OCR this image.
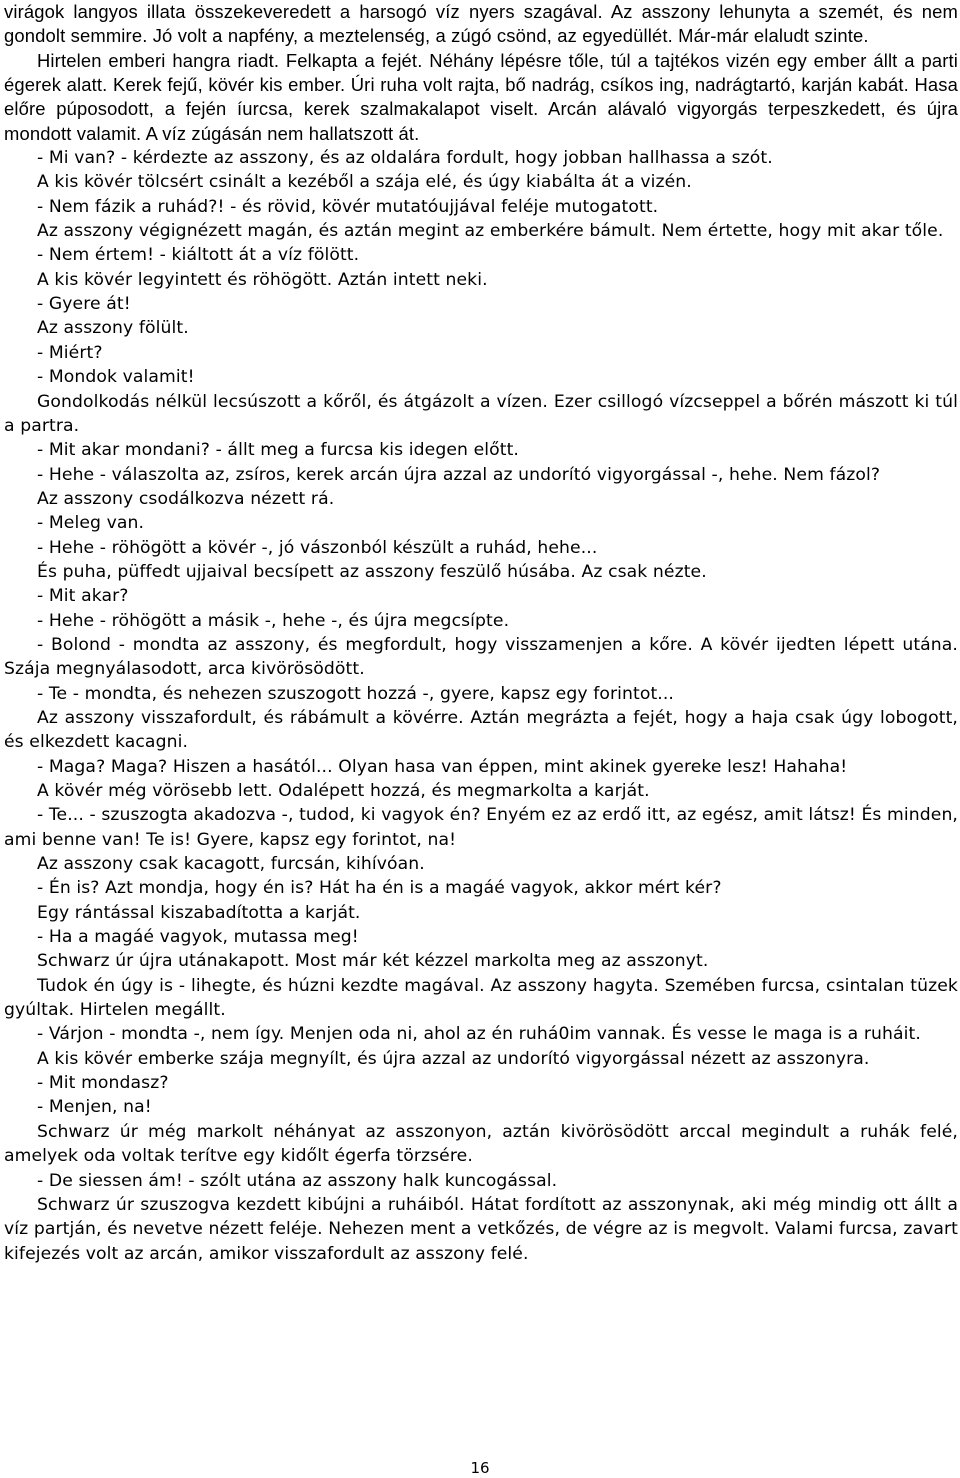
virágok langyos illata összekeveredett a harsogó víz nyers szagával. Az asszony lehunyta a szemét, és nem gondolt semmire. Jó volt a napfény, a meztelenség, a zúgó csönd, az egyedüllét. Már-már elaludt szinte.

Hirtelen emberi hangra riadt. Felkapta a fejét. Néhány lépésre tőle, túl a tajtékos vizén egy ember állt a parti égerek alatt. Kerek fejű, kövér kis ember. Úri ruha volt rajta, bő nadrág, csíkos ing, nadrágtartó, karján kabát. Hasa előre púposodott, a fején íurcsa, kerek szalmakalapot viselt. Arcán alávaló vigyorgás terpeszkedett, és újra mondott valamit. A víz zúgásán nem hallatszott át.

- Mi van? - kérdezte az asszony, és az oldalára fordult, hogy jobban hallhassa a szót.

A kis kövér tölcsért csinált a kezéből a szája elé, és úgy kiabálta át a vizén.

- Nem fázik a ruhád?! - és rövid, kövér mutatóujjával feléje mutogatott.

Az asszony végignézett magán, és aztán megint az emberkére bámult. Nem értette, hogy mit akar tőle.

- Nem értem! - kiáltott át a víz fölött.

A kis kövér legyintett és röhögött. Aztán intett neki.

- Gyere át!

Az asszony fölült.

- Miért?

- Mondok valamit!

Gondolkodás nélkül lecsúszott a kőről, és átgázolt a vízen. Ezer csillogó vízcseppel a bőrén mászott ki túl a partra.

- Mit akar mondani? - állt meg a furcsa kis idegen előtt.

- Hehe - válaszolta az, zsíros, kerek arcán újra azzal az undorító vigyorgással -, hehe. Nem fázol?

Az asszony csodálkozva nézett rá.

- Meleg van.

- Hehe - röhögött a kövér -, jó vászonból készült a ruhád, hehe...

És puha, püffedt ujjaival becsípett az asszony feszülő húsába. Az csak nézte.

- Mit akar?

- Hehe - röhögött a másik -, hehe -, és újra megcsípte.

- Bolond - mondta az asszony, és megfordult, hogy visszamenjen a kőre. A kövér ijedten lépett utána. Szája megnyálasodott, arca kivörösödött.

- Te - mondta, és nehezen szuszogott hozzá -, gyere, kapsz egy forintot...

Az asszony visszafordult, és rábámult a kövérre. Aztán megrázta a fejét, hogy a haja csak úgy lobogott, és elkezdett kacagni.

- Maga? Maga? Hiszen a hasától... Olyan hasa van éppen, mint akinek gyereke lesz! Hahaha!

A kövér még vörösebb lett. Odalépett hozzá, és megmarkolta a karját.

- Te... - szuszogta akadozva -, tudod, ki vagyok én? Enyém ez az erdő itt, az egész, amit látsz! És minden, ami benne van! Te is! Gyere, kapsz egy forintot, na!

Az asszony csak kacagott, furcsán, kihívóan.

- Én is? Azt mondja, hogy én is? Hát ha én is a magáé vagyok, akkor mért kér?

Egy rántással kiszabadította a karját.

- Ha a magáé vagyok, mutassa meg!

Schwarz úr újra utánakapott. Most már két kézzel markolta meg az asszonyt.

Tudok én úgy is - lihegte, és húzni kezdte magával. Az asszony hagyta. Szemében furcsa, csintalan tüzek gyúltak. Hirtelen megállt.

- Várjon - mondta -, nem így. Menjen oda ni, ahol az én ruhá0im vannak. És vesse le maga is a ruháit.

A kis kövér emberke szája megnyílt, és újra azzal az undorító vigyorgással nézett az asszonyra.

- Mit mondasz?

- Menjen, na!

Schwarz úr még markolt néhányat az asszonyon, aztán kivörösödött arccal megindult a ruhák felé, amelyek oda voltak terítve egy kidőlt égerfa törzsére.

- De siessen ám! - szólt utána az asszony halk kuncogással.

Schwarz úr szuszogva kezdett kibújni a ruháiból. Hátat fordított az asszonynak, aki még mindig ott állt a víz partján, és nevetve nézett feléje. Nehezen ment a vetkőzés, de végre az is megvolt. Valami furcsa, zavart kifejezés volt az arcán, amikor visszafordult az asszony felé.

16
